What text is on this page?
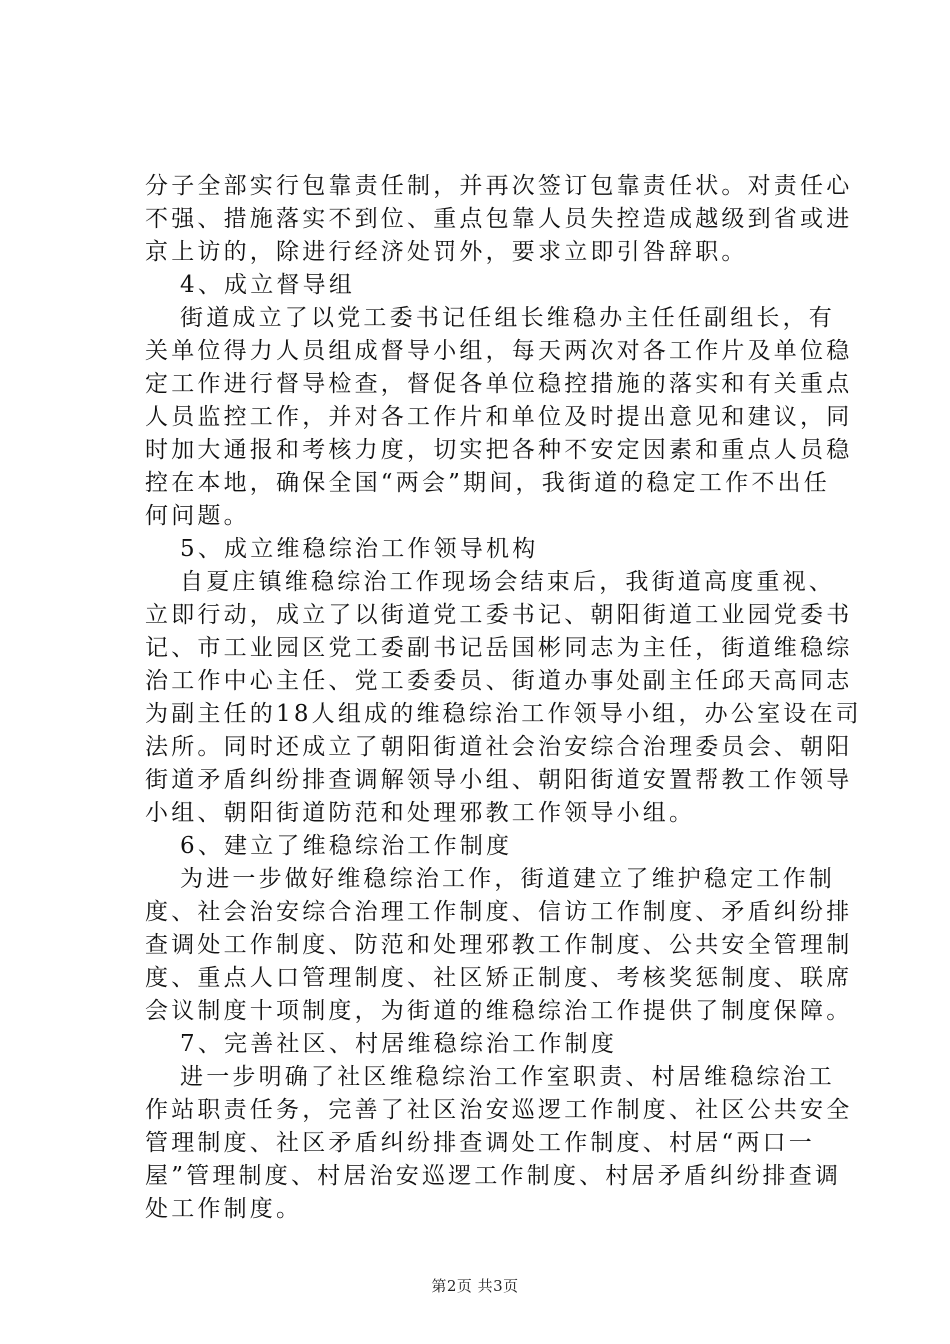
分子全部实行包靠责任制，并再次签订包靠责任状。对责任心
不强、措施落实不到位、重点包靠人员失控造成越级到省或进
京上访的，除进行经济处罚外，要求立即引咎辞职。
4、成立督导组
街道成立了以党工委书记任组长维稳办主任任副组长，有
关单位得力人员组成督导小组，每天两次对各工作片及单位稳
定工作进行督导检查，督促各单位稳控措施的落实和有关重点
人员监控工作，并对各工作片和单位及时提出意见和建议，同
时加大通报和考核力度，切实把各种不安定因素和重点人员稳
控在本地，确保全国“两会”期间，我街道的稳定工作不出任
何问题。
5、成立维稳综治工作领导机构
自夏庄镇维稳综治工作现场会结束后，我街道高度重视、
立即行动，成立了以街道党工委书记、朝阳街道工业园党委书
记、市工业园区党工委副书记岳国彬同志为主任，街道维稳综
治工作中心主任、党工委委员、街道办事处副主任邱天高同志
为副主任的18人组成的维稳综治工作领导小组，办公室设在司
法所。同时还成立了朝阳街道社会治安综合治理委员会、朝阳
街道矛盾纠纷排查调解领导小组、朝阳街道安置帮教工作领导
小组、朝阳街道防范和处理邪教工作领导小组。
6、建立了维稳综治工作制度
为进一步做好维稳综治工作，街道建立了维护稳定工作制
度、社会治安综合治理工作制度、信访工作制度、矛盾纠纷排
查调处工作制度、防范和处理邪教工作制度、公共安全管理制
度、重点人口管理制度、社区矫正制度、考核奖惩制度、联席
会议制度十项制度，为街道的维稳综治工作提供了制度保障。
7、完善社区、村居维稳综治工作制度
进一步明确了社区维稳综治工作室职责、村居维稳综治工
作站职责任务，完善了社区治安巡逻工作制度、社区公共安全
管理制度、社区矛盾纠纷排查调处工作制度、村居“两口一
屋”管理制度、村居治安巡逻工作制度、村居矛盾纠纷排查调
处工作制度。
第2页 共3页
